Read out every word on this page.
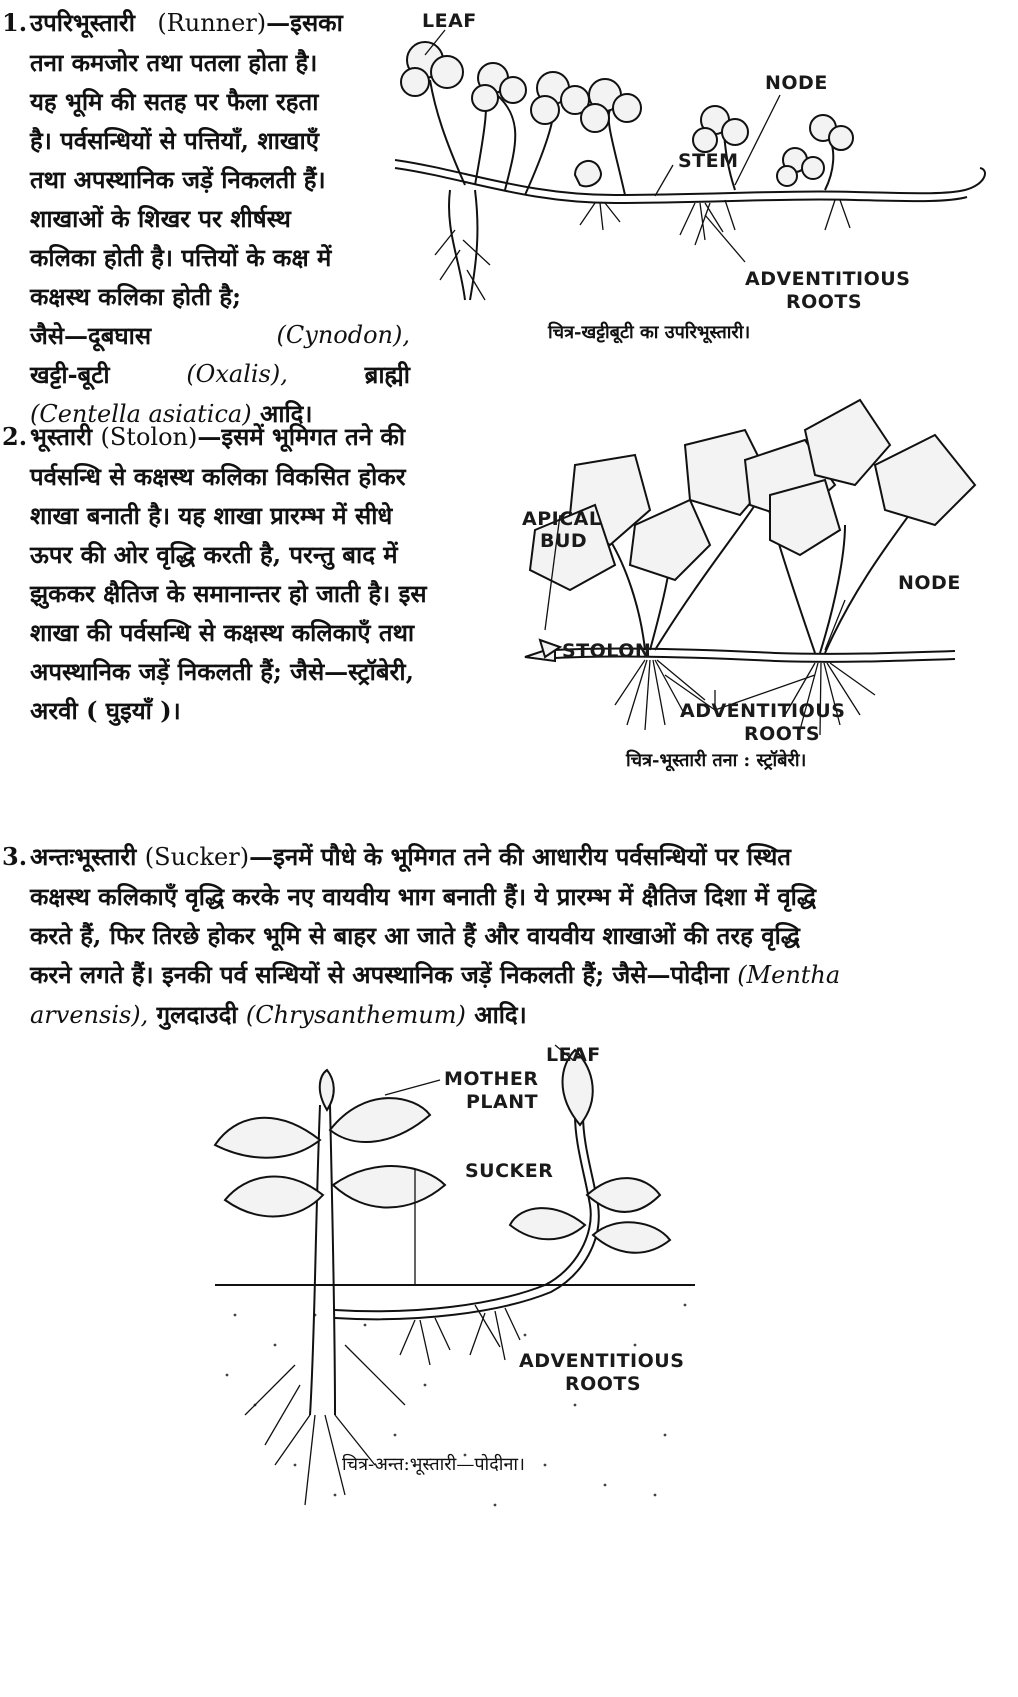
1. उपरिभूस्तारी (Runner)—इसका
तना कमजोर तथा पतला होता है।
यह भूमि की सतह पर फैला रहता
है। पर्वसन्धियों से पत्तियाँ, शाखाएँ
तथा अपस्थानिक जड़ें निकलती हैं।
शाखाओं के शिखर पर शीर्षस्थ
कलिका होती है। पत्तियों के कक्ष में
कक्षस्थ कलिका होती है;
जैसे—दूबघास	(Cynodon),
खट्टी-बूटी	(Oxalis),	ब्राह्मी
(Centella asiatica) आदि।
LEAF
NODE
STEM
ADVENTITIOUS
ROOTS
चित्र-खट्टीबूटी का उपरिभूस्तारी।
2. भूस्तारी (Stolon)—इसमें भूमिगत तने की
पर्वसन्धि से कक्षस्थ कलिका विकसित होकर
शाखा बनाती है। यह शाखा प्रारम्भ में सीधे
ऊपर की ओर वृद्धि करती है, परन्तु बाद में
झुककर क्षैतिज के समानान्तर हो जाती है। इस
शाखा की पर्वसन्धि से कक्षस्थ कलिकाएँ तथा
अपस्थानिक जड़ें निकलती हैं; जैसे—स्ट्रॉबेरी,
अरवी ( घुइयाँ )।
APICAL
BUD
NODE
STOLON
ADVENTITIOUS
ROOTS
चित्र-भूस्तारी तना : स्ट्रॉबेरी।
3. अन्तःभूस्तारी (Sucker)—इनमें पौधे के भूमिगत तने की आधारीय पर्वसन्धियों पर स्थित
कक्षस्थ कलिकाएँ वृद्धि करके नए वायवीय भाग बनाती हैं। ये प्रारम्भ में क्षैतिज दिशा में वृद्धि
करते हैं, फिर तिरछे होकर भूमि से बाहर आ जाते हैं और वायवीय शाखाओं की तरह वृद्धि
करने लगते हैं। इनकी पर्व सन्धियों से अपस्थानिक जड़ें निकलती हैं; जैसे—पोदीना (Mentha
arvensis), गुलदाउदी (Chrysanthemum) आदि।
LEAF
MOTHER
PLANT
SUCKER
ADVENTITIOUS
ROOTS
चित्र-अन्त:भूस्तारी—पोदीना।
